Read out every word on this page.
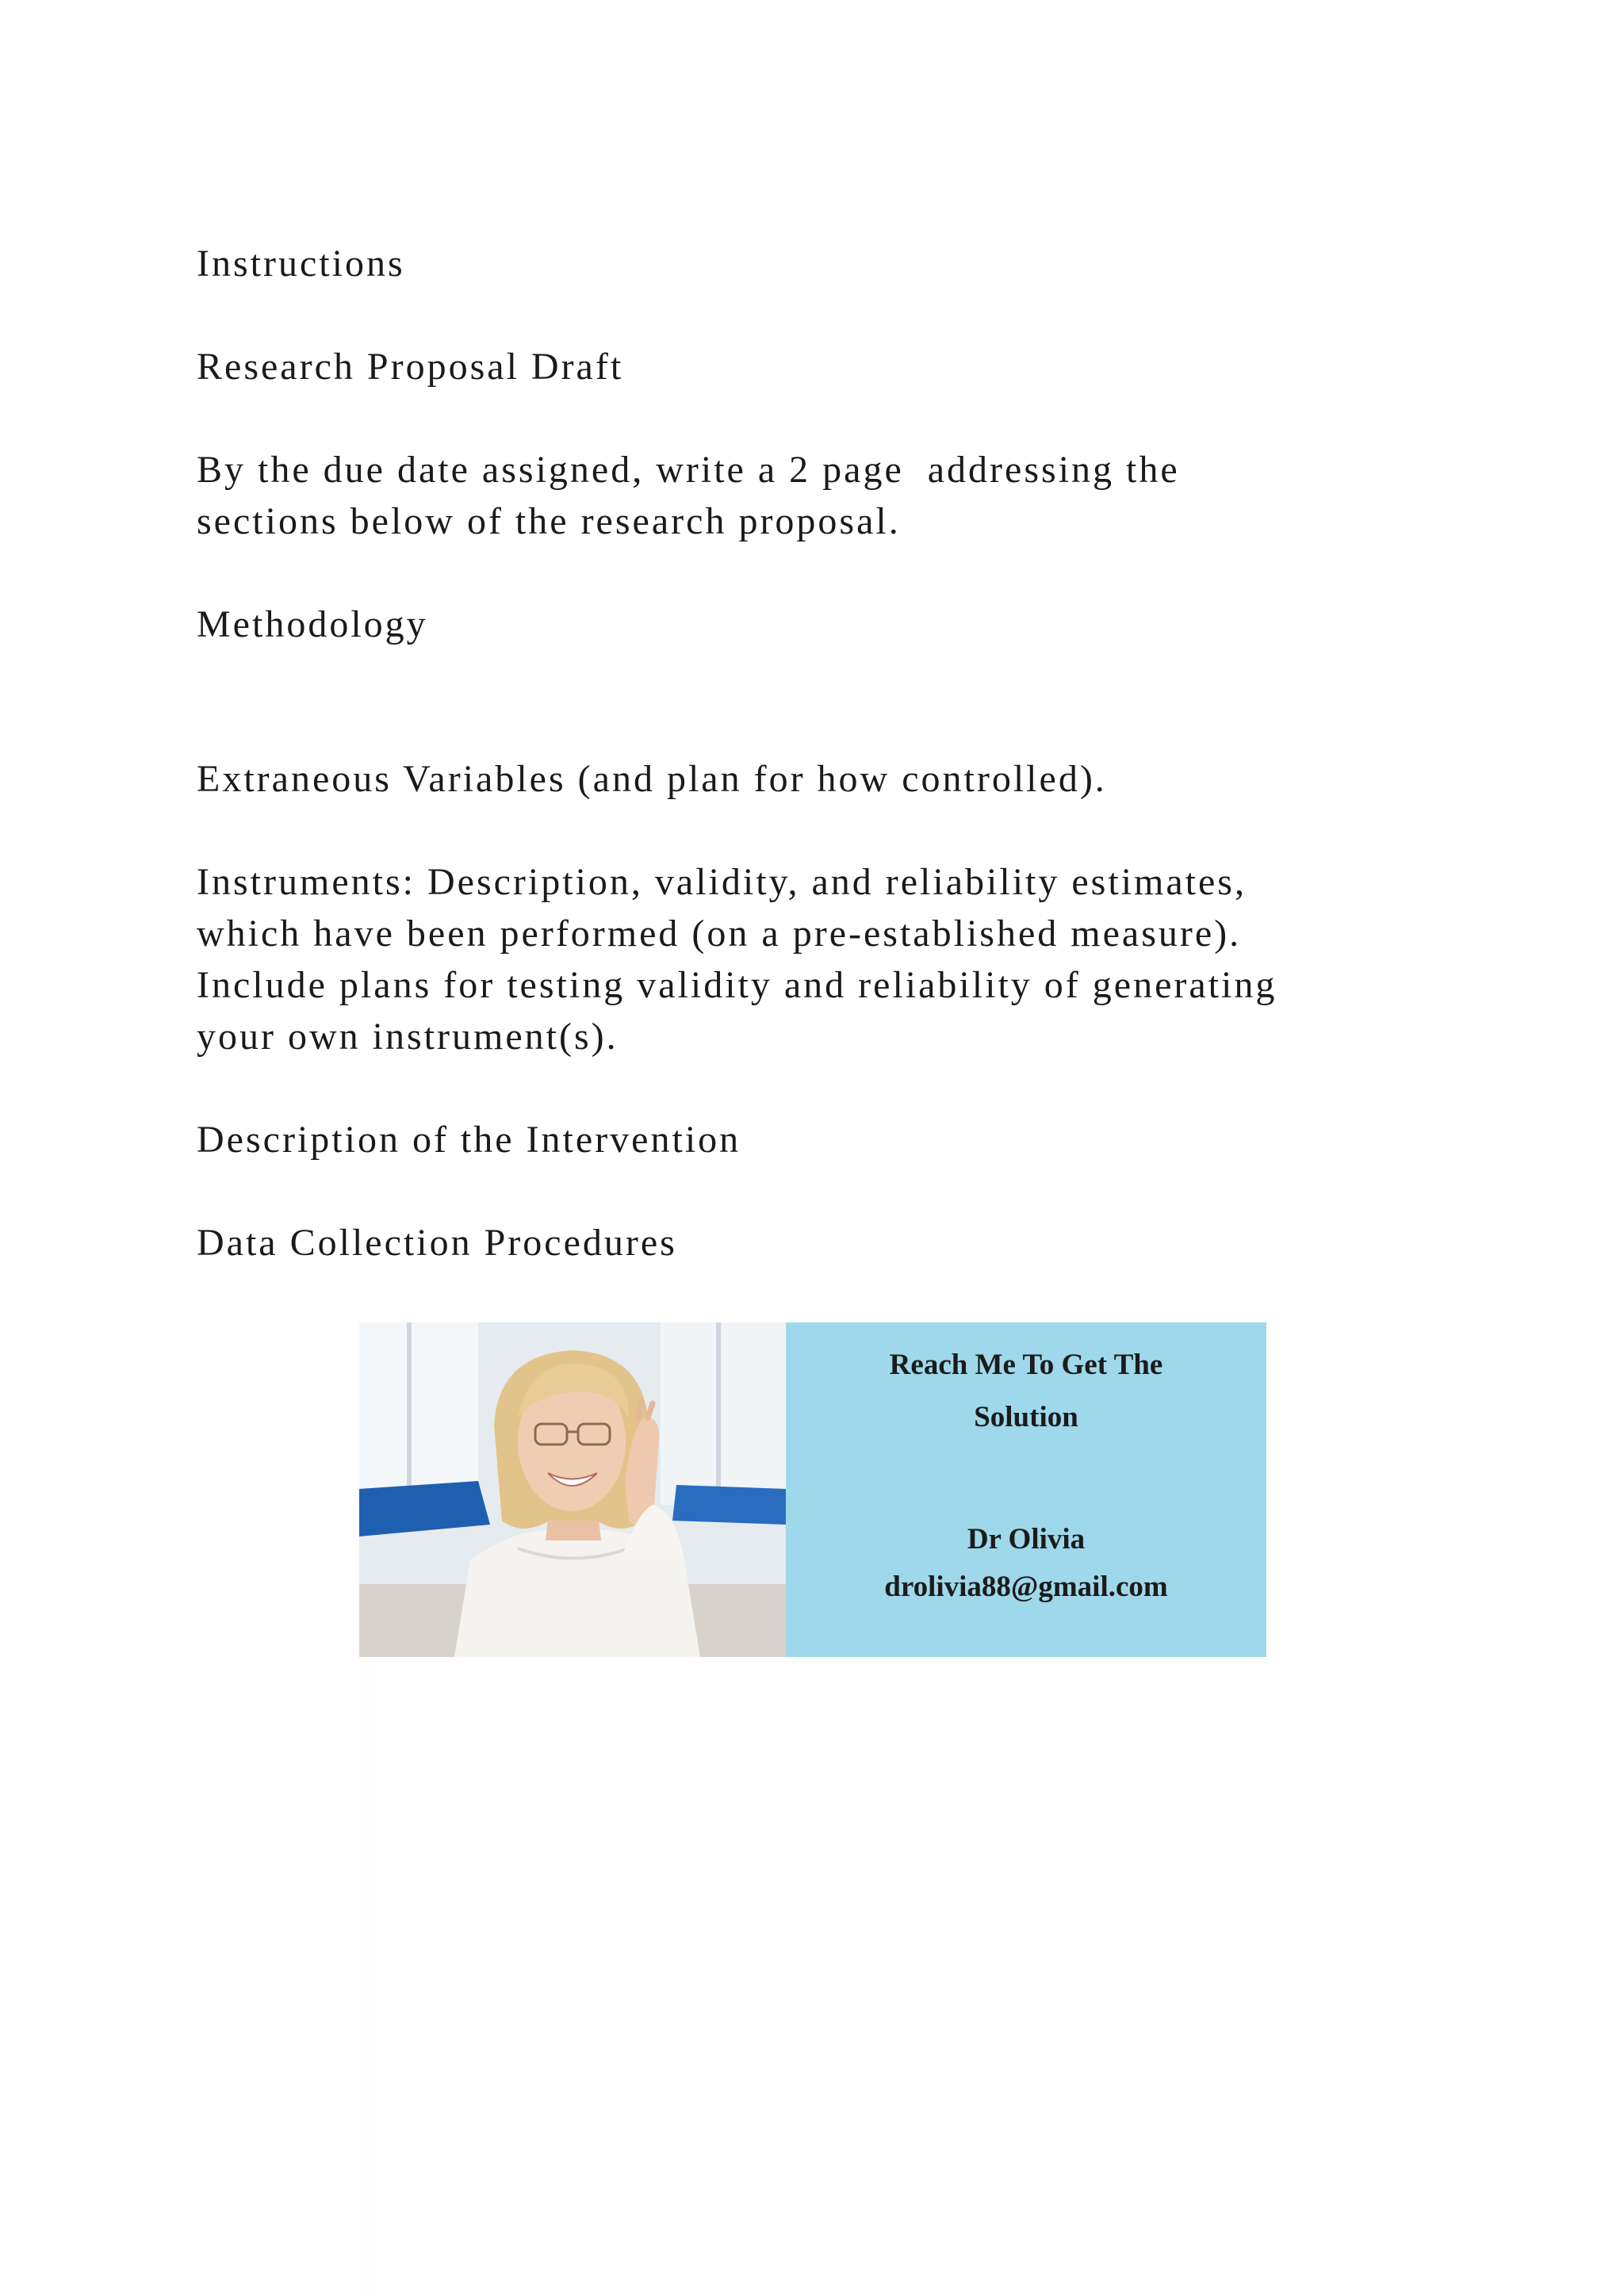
Instructions

Research Proposal Draft

By the due date assigned, write a 2 page  addressing the
sections below of the research proposal.

Methodology

Extraneous Variables (and plan for how controlled).

Instruments: Description, validity, and reliability estimates,
which have been performed (on a pre-established measure).
Include plans for testing validity and reliability of generating
your own instrument(s).

Description of the Intervention

Data Collection Procedures

Reach Me To Get The
Solution
Dr Olivia
drolivia88@gmail.com
